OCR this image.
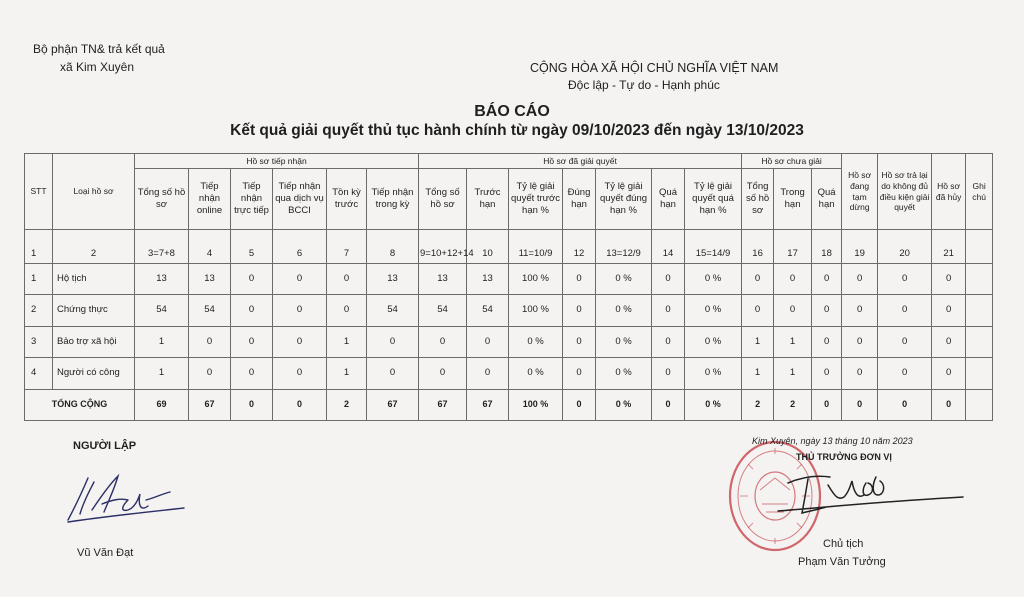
Bộ phận TN& trả kết quả
xã Kim Xuyên	CỘNG HÒA XÃ HỘI CHỦ NGHĨA VIỆT NAM
Độc lập - Tự do - Hạnh phúc
BÁO CÁO
Kết quả giải quyết thủ tục hành chính từ ngày 09/10/2023 đến ngày 13/10/2023
STT	Loại hồ sơ	Hồ sơ tiếp nhận						Hồ sơ đã giải quyết							Hồ sơ chưa giải			Hồ sơ đang tạm dừng	Hồ sơ trả lại do không đủ điều kiện giải quyết	Hồ sơ đã hủy	Ghi chú
		Tổng số hồ sơ	Tiếp nhận online	Tiếp nhận trực tiếp	Tiếp nhận qua dịch vụ BCCI	Tồn kỳ trước	Tiếp nhận trong kỳ	Tổng số hồ sơ	Trước hạn	Tỷ lệ giải quyết trước hạn %	Đúng hạn	Tỷ lệ giải quyết đúng hạn %	Quá hạn	Tỷ lệ giải quyết quá hạn %	Tổng số hồ sơ	Trong hạn	Quá hạn				
1	2	3=7+8	4	5	6	7	8	9=10+12+14	10	11=10/9	12	13=12/9	14	15=14/9	16	17	18	19	20	21	
1	Hộ tịch	13	13	0	0	0	13	13	13	100 %	0	0 %	0	0 %	0	0	0	0	0	0	
2	Chứng thực	54	54	0	0	0	54	54	54	100 %	0	0 %	0	0 %	0	0	0	0	0	0	
3	Bảo trợ xã hội	1	0	0	0	1	0	0	0	0 %	0	0 %	0	0 %	1	1	0	0	0	0	
4	Người có công	1	0	0	0	1	0	0	0	0 %	0	0 %	0	0 %	1	1	0	0	0	0	
TỔNG CỘNG		69	67	0	0	2	67	67	67	100 %	0	0 %	0	0 %	2	2	0	0	0	0	
NGƯỜI LẬP
Vũ Văn Đạt
Kim Xuyên, ngày 13 tháng 10 năm 2023
THỦ TRƯỞNG ĐƠN VỊ
Chủ tịch
Phạm Văn Tưởng
